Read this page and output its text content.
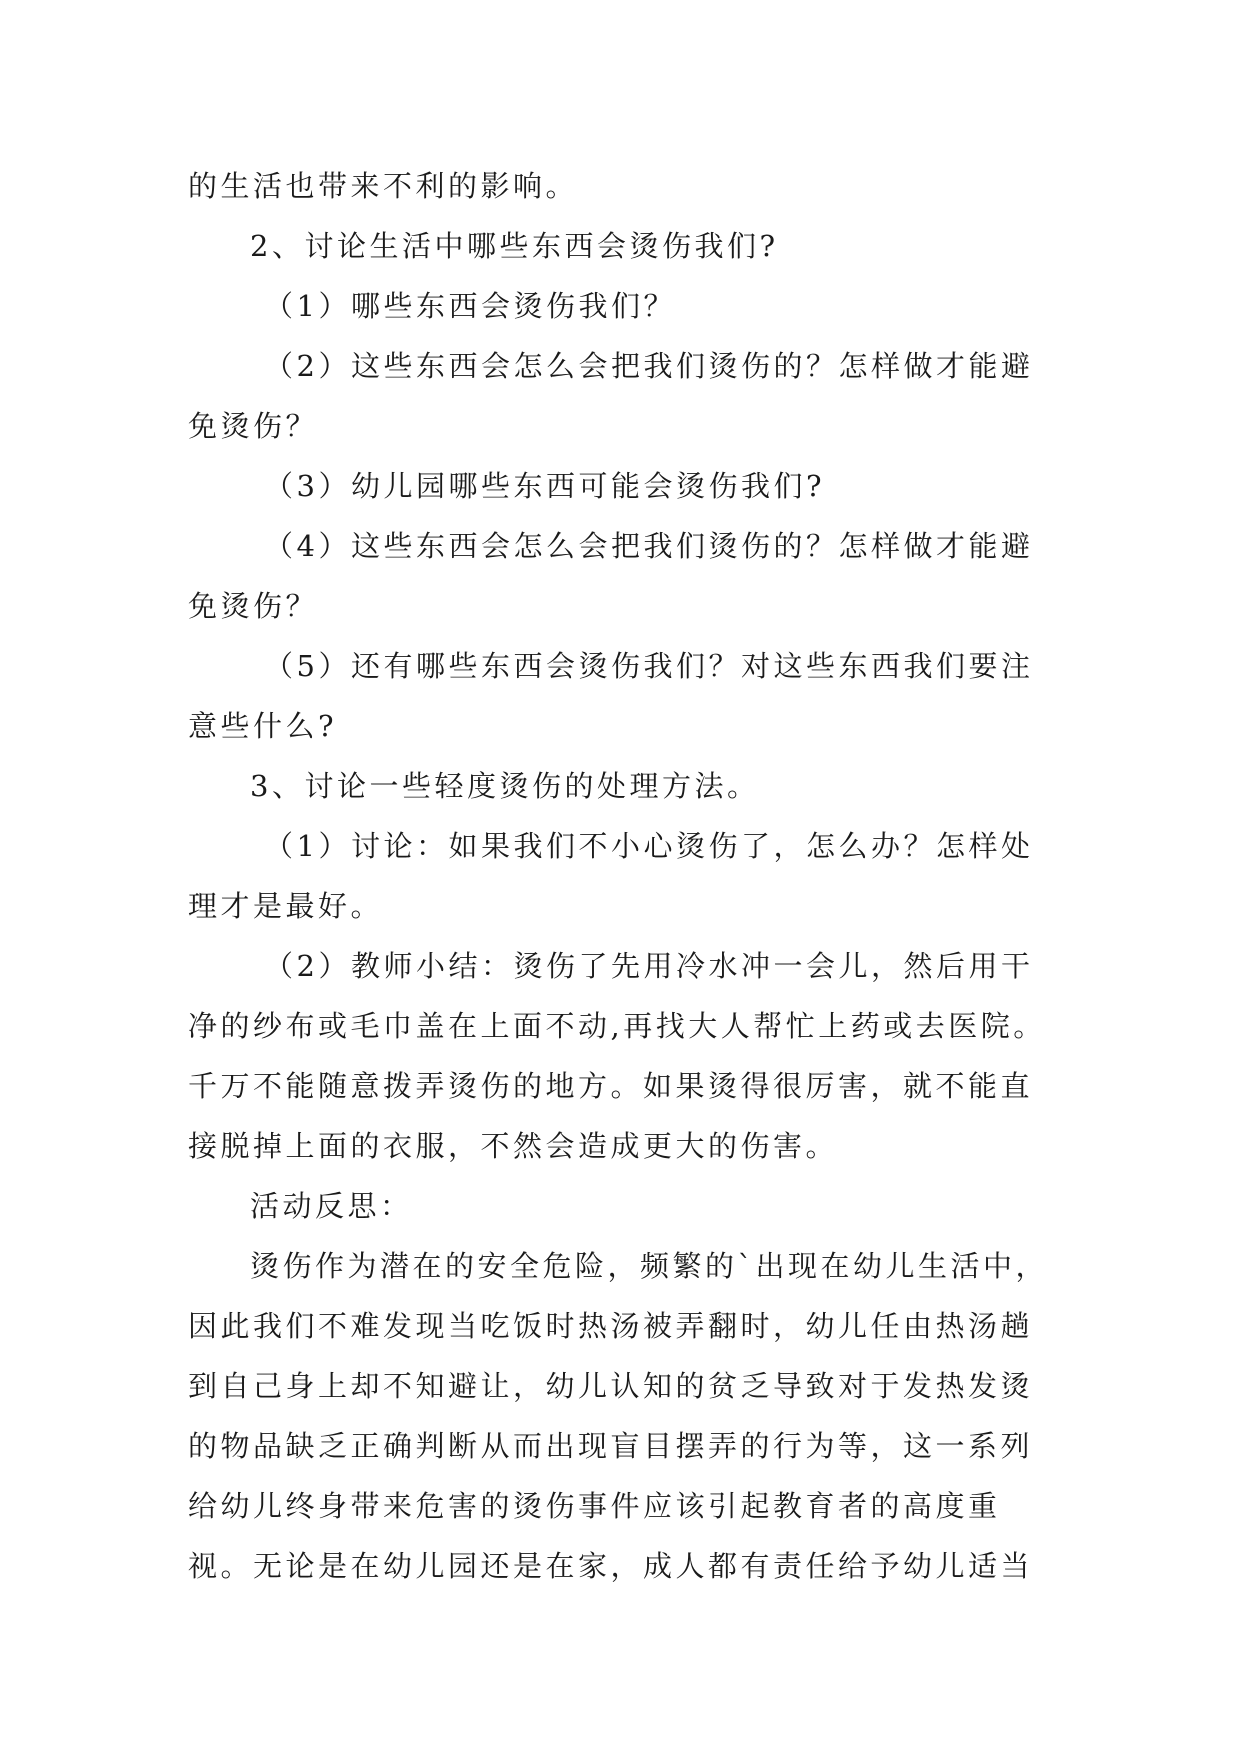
的生活也带来不利的影响。
2、讨论生活中哪些东西会烫伤我们?
（1）哪些东西会烫伤我们？
（2）这些东西会怎么会把我们烫伤的？怎样做才能避
免烫伤？
（3）幼儿园哪些东西可能会烫伤我们?
（4）这些东西会怎么会把我们烫伤的？怎样做才能避
免烫伤？
（5）还有哪些东西会烫伤我们？对这些东西我们要注
意些什么?
3、讨论一些轻度烫伤的处理方法。
（1）讨论：如果我们不小心烫伤了，怎么办？怎样处
理才是最好。
（2）教师小结：烫伤了先用冷水冲一会儿，然后用干
净的纱布或毛巾盖在上面不动,再找大人帮忙上药或去医院。
千万不能随意拨弄烫伤的地方。如果烫得很厉害，就不能直
接脱掉上面的衣服，不然会造成更大的伤害。
活动反思：
烫伤作为潜在的安全危险，频繁的`出现在幼儿生活中，
因此我们不难发现当吃饭时热汤被弄翻时，幼儿任由热汤趟
到自己身上却不知避让，幼儿认知的贫乏导致对于发热发烫
的物品缺乏正确判断从而出现盲目摆弄的行为等，这一系列
给幼儿终身带来危害的烫伤事件应该引起教育者的高度重
视。无论是在幼儿园还是在家，成人都有责任给予幼儿适当
